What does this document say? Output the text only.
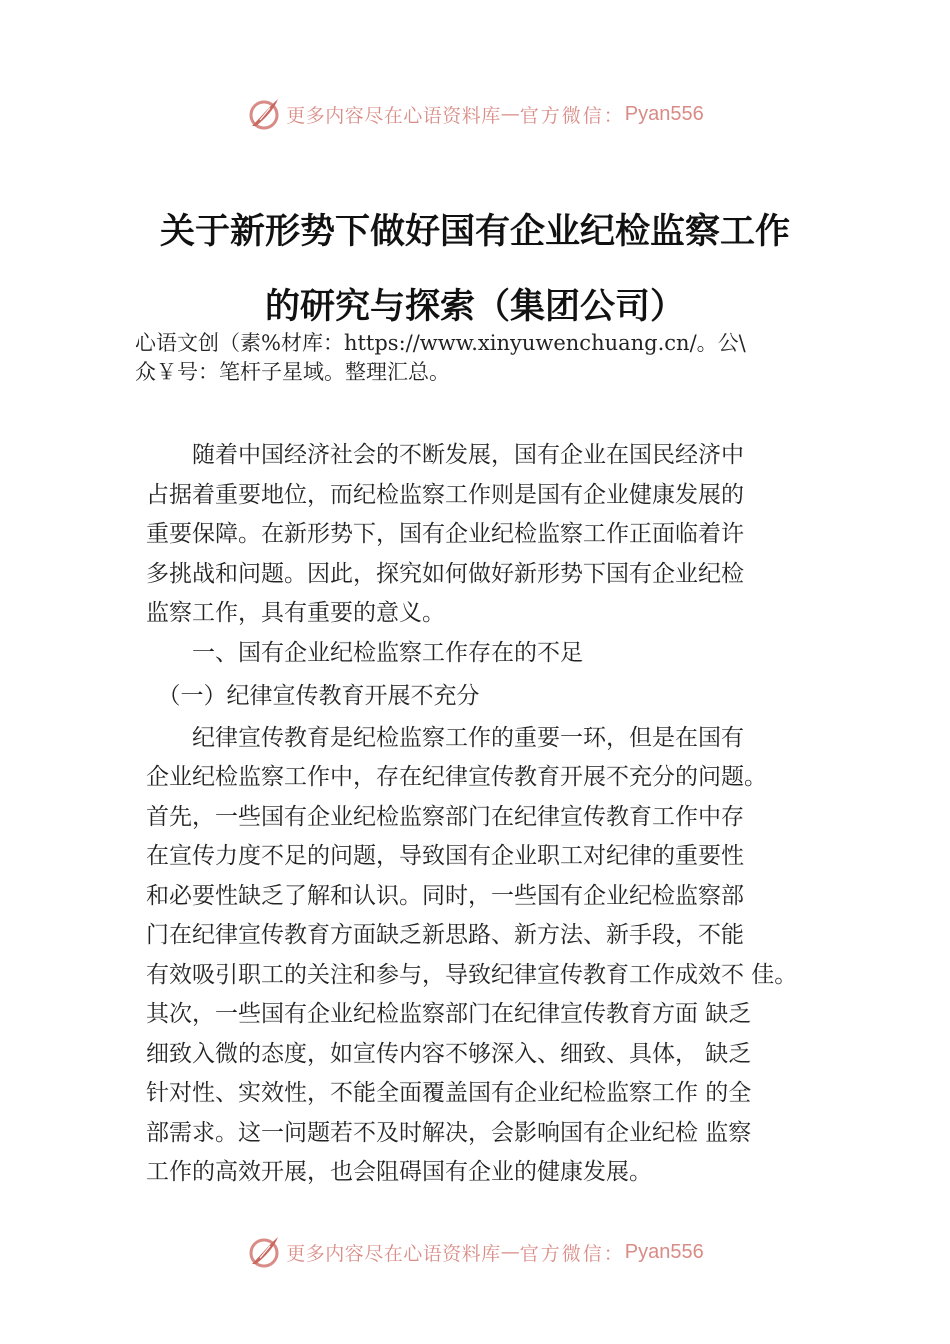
更多内容尽在心语资料库 — 官方微信： Pyan556
关于新形势下做好国有企业纪检监察工作
的研究与探索（集团公司）
心语文创（素%材库：https://www.xinyuwenchuang.cn/。公\
众￥号：笔杆子星域。整理汇总。
　　随着中国经济社会的不断发展，国有企业在国民经济中
占据着重要地位，而纪检监察工作则是国有企业健康发展的
重要保障。在新形势下，国有企业纪检监察工作正面临着许
多挑战和问题。因此，探究如何做好新形势下国有企业纪检
监察工作，具有重要的意义。
　　一、国有企业纪检监察工作存在的不足
　（一）纪律宣传教育开展不充分
　　纪律宣传教育是纪检监察工作的重要一环，但是在国有
企业纪检监察工作中，存在纪律宣传教育开展不充分的问题。
首先，一些国有企业纪检监察部门在纪律宣传教育工作中存
在宣传力度不足的问题，导致国有企业职工对纪律的重要性
和必要性缺乏了解和认识。同时，一些国有企业纪检监察部
门在纪律宣传教育方面缺乏新思路、新方法、新手段，不能
有效吸引职工的关注和参与，导致纪律宣传教育工作成效不 佳。
其次，一些国有企业纪检监察部门在纪律宣传教育方面 缺乏
细致入微的态度，如宣传内容不够深入、细致、具体， 缺乏
针对性、实效性，不能全面覆盖国有企业纪检监察工作 的全
部需求。这一问题若不及时解决，会影响国有企业纪检 监察
工作的高效开展，也会阻碍国有企业的健康发展。
更多内容尽在心语资料库 — 官方微信： Pyan556
